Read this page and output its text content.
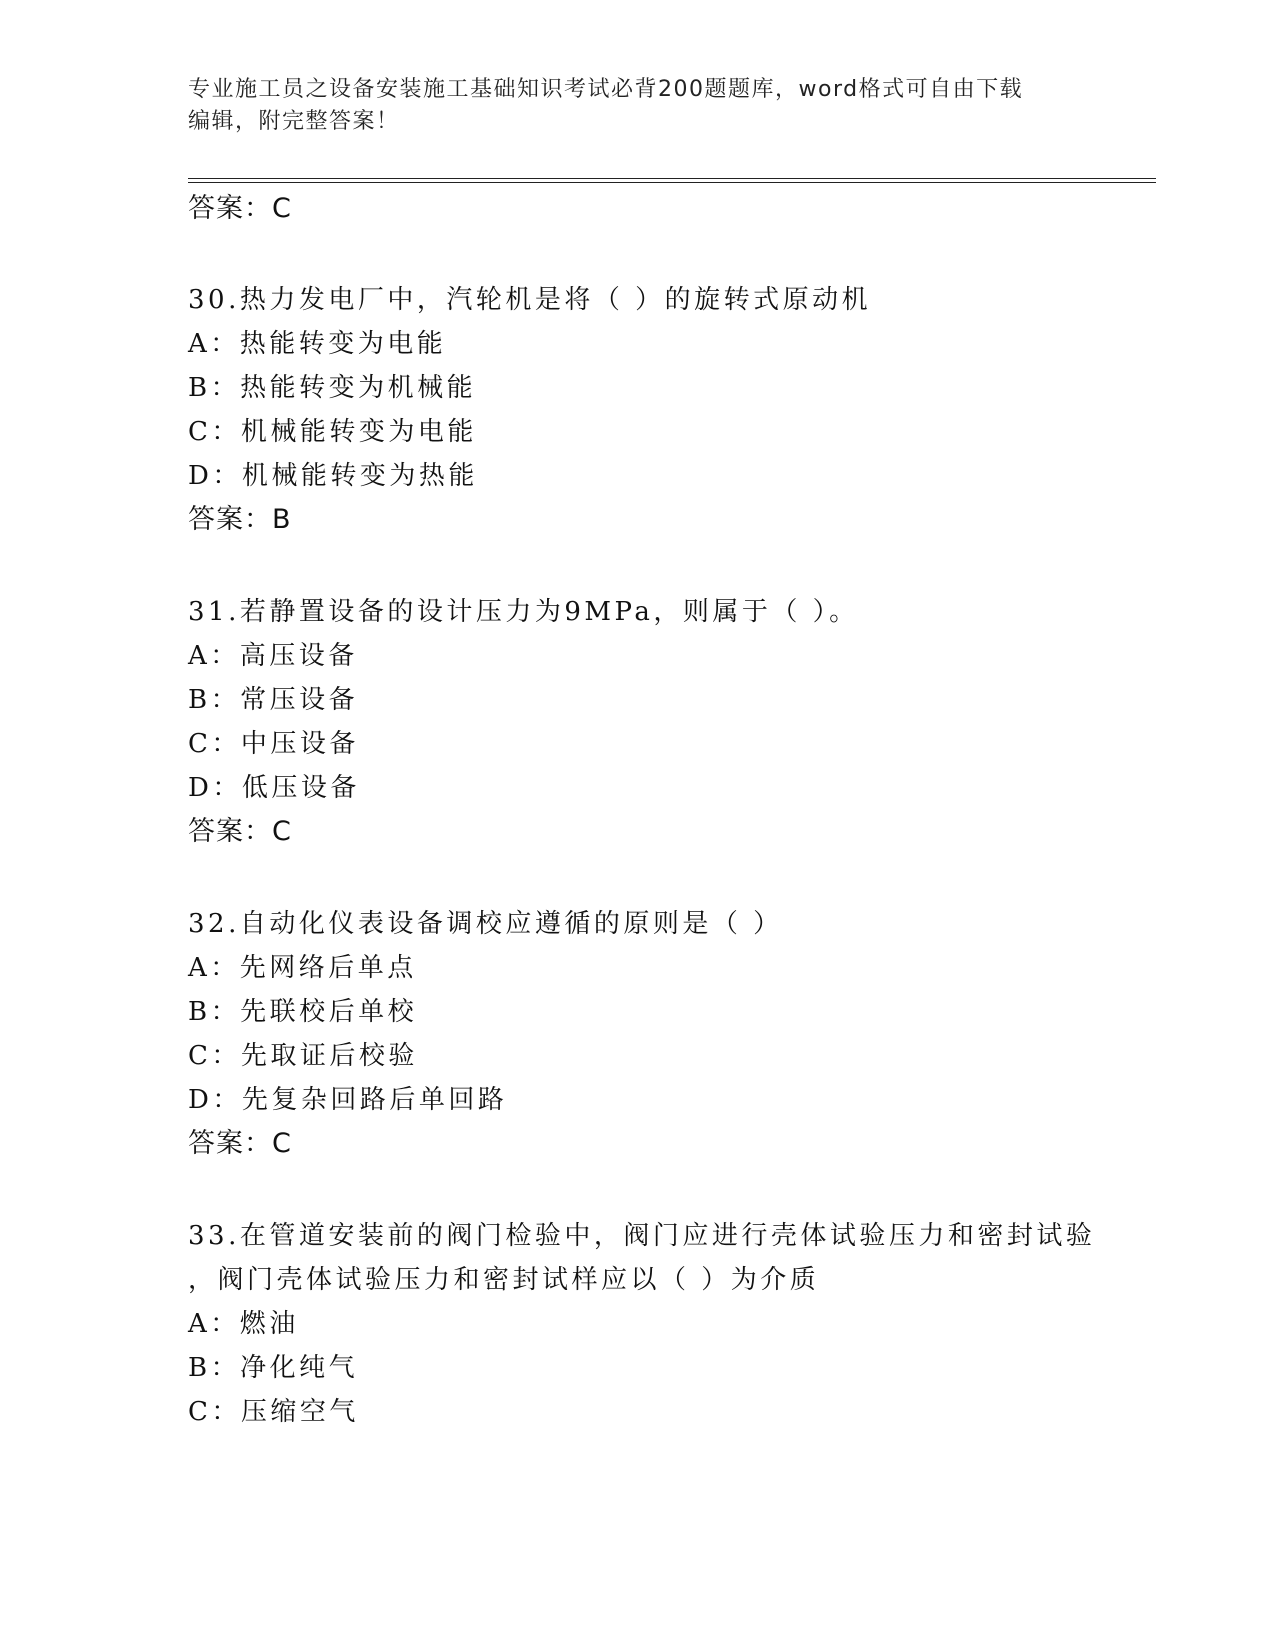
专业施工员之设备安装施工基础知识考试必背200题题库，word格式可自由下载
编辑，附完整答案！
答案：C
30.热力发电厂中，汽轮机是将（ ）的旋转式原动机
A：热能转变为电能
B：热能转变为机械能
C：机械能转变为电能
D：机械能转变为热能
答案：B
31.若静置设备的设计压力为9MPa，则属于（ ）。
A：高压设备
B：常压设备
C：中压设备
D：低压设备
答案：C
32.自动化仪表设备调校应遵循的原则是（ ）
A：先网络后单点
B：先联校后单校
C：先取证后校验
D：先复杂回路后单回路
答案：C
33.在管道安装前的阀门检验中，阀门应进行壳体试验压力和密封试验
，阀门壳体试验压力和密封试样应以（ ）为介质
A：燃油
B：净化纯气
C：压缩空气
